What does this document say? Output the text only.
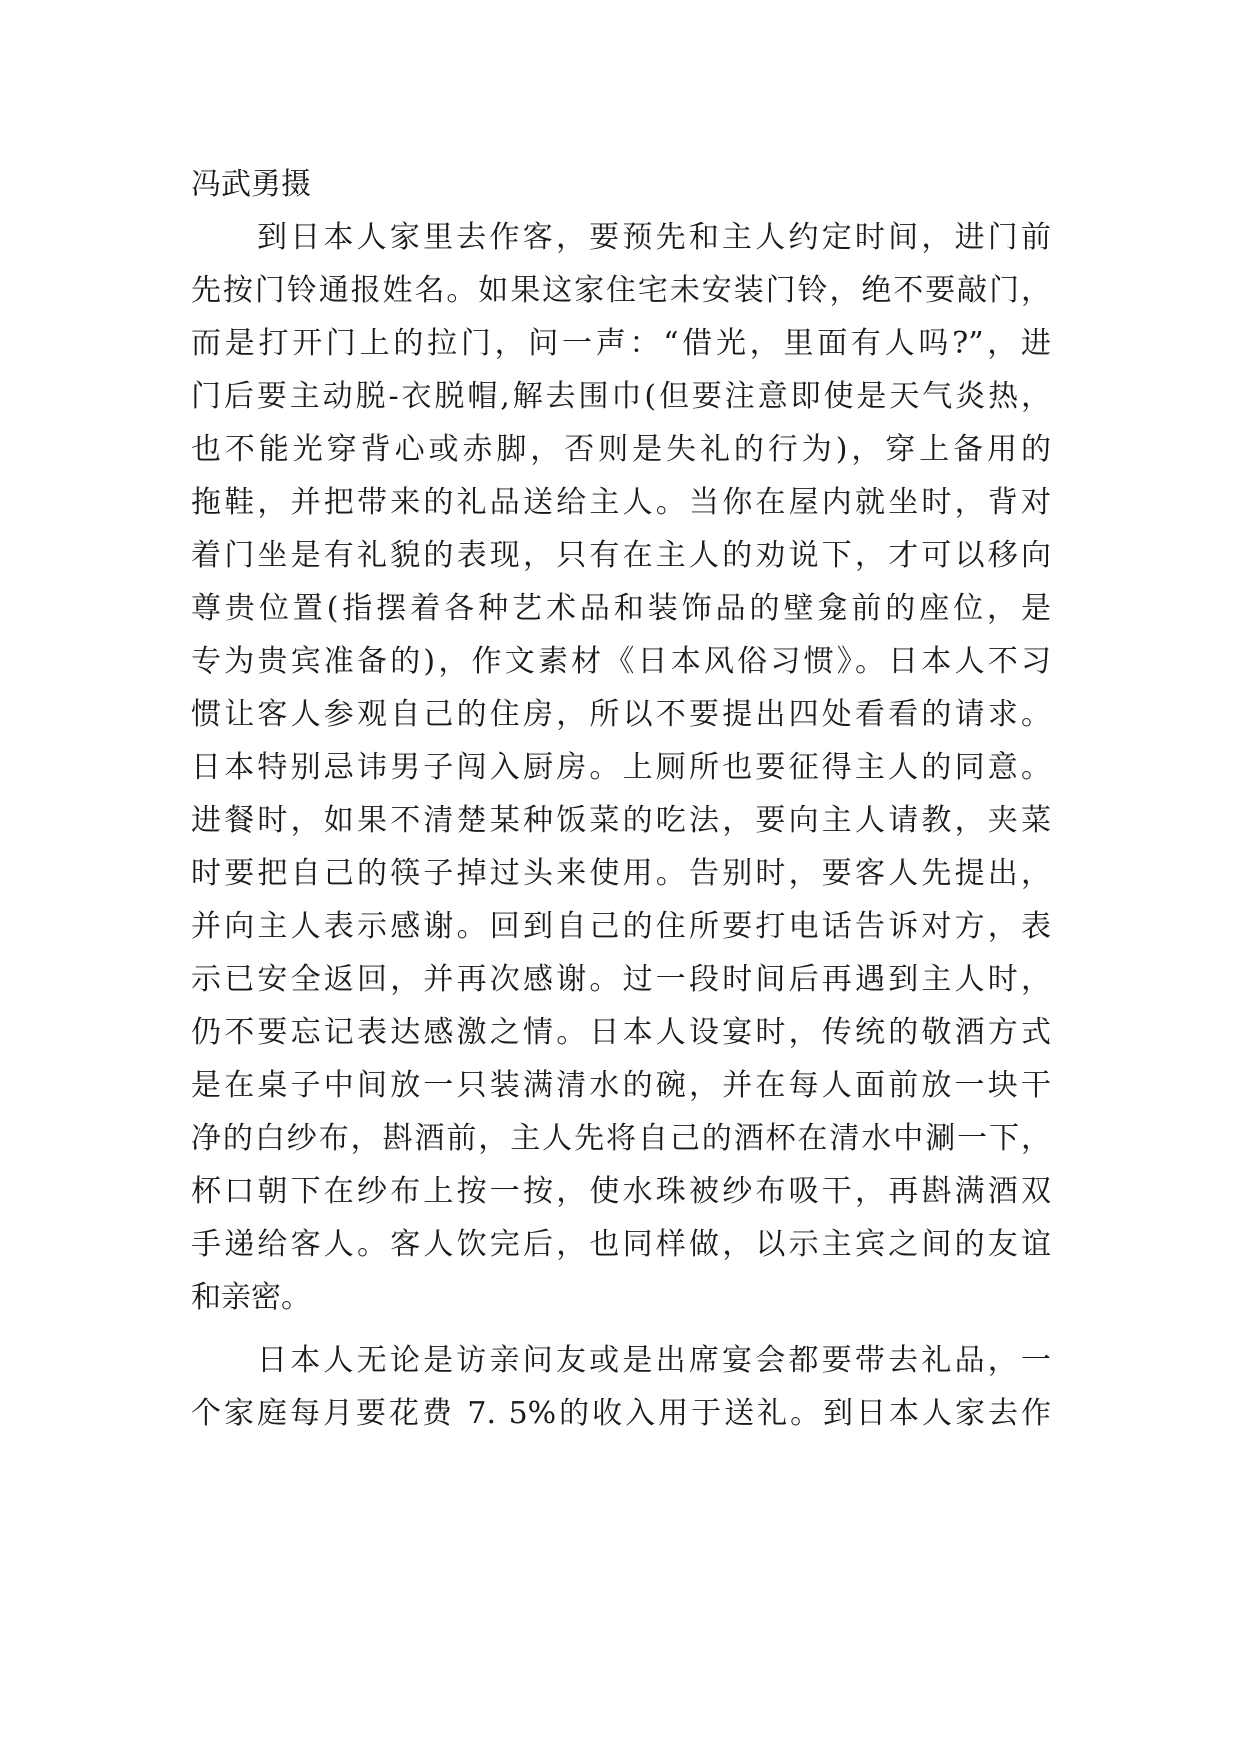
冯武勇摄
到日本人家里去作客，要预先和主人约定时间，进门前
先按门铃通报姓名。如果这家住宅未安装门铃，绝不要敲门，
而是打开门上的拉门，问一声：“借光，里面有人吗?”，进
门后要主动脱-衣脱帽,解去围巾(但要注意即使是天气炎热，
也不能光穿背心或赤脚，否则是失礼的行为)，穿上备用的
拖鞋，并把带来的礼品送给主人。当你在屋内就坐时，背对
着门坐是有礼貌的表现，只有在主人的劝说下，才可以移向
尊贵位置(指摆着各种艺术品和装饰品的壁龛前的座位，是
专为贵宾准备的)，作文素材《日本风俗习惯》。日本人不习
惯让客人参观自己的住房，所以不要提出四处看看的请求。
日本特别忌讳男子闯入厨房。上厕所也要征得主人的同意。
进餐时，如果不清楚某种饭菜的吃法，要向主人请教，夹菜
时要把自己的筷子掉过头来使用。告别时，要客人先提出，
并向主人表示感谢。回到自己的住所要打电话告诉对方，表
示已安全返回，并再次感谢。过一段时间后再遇到主人时，
仍不要忘记表达感激之情。日本人设宴时，传统的敬酒方式
是在桌子中间放一只装满清水的碗，并在每人面前放一块干
净的白纱布，斟酒前，主人先将自己的酒杯在清水中涮一下，
杯口朝下在纱布上按一按，使水珠被纱布吸干，再斟满酒双
手递给客人。客人饮完后，也同样做，以示主宾之间的友谊
和亲密。
日本人无论是访亲问友或是出席宴会都要带去礼品，一
个家庭每月要花费 7. 5%的收入用于送礼。到日本人家去作
